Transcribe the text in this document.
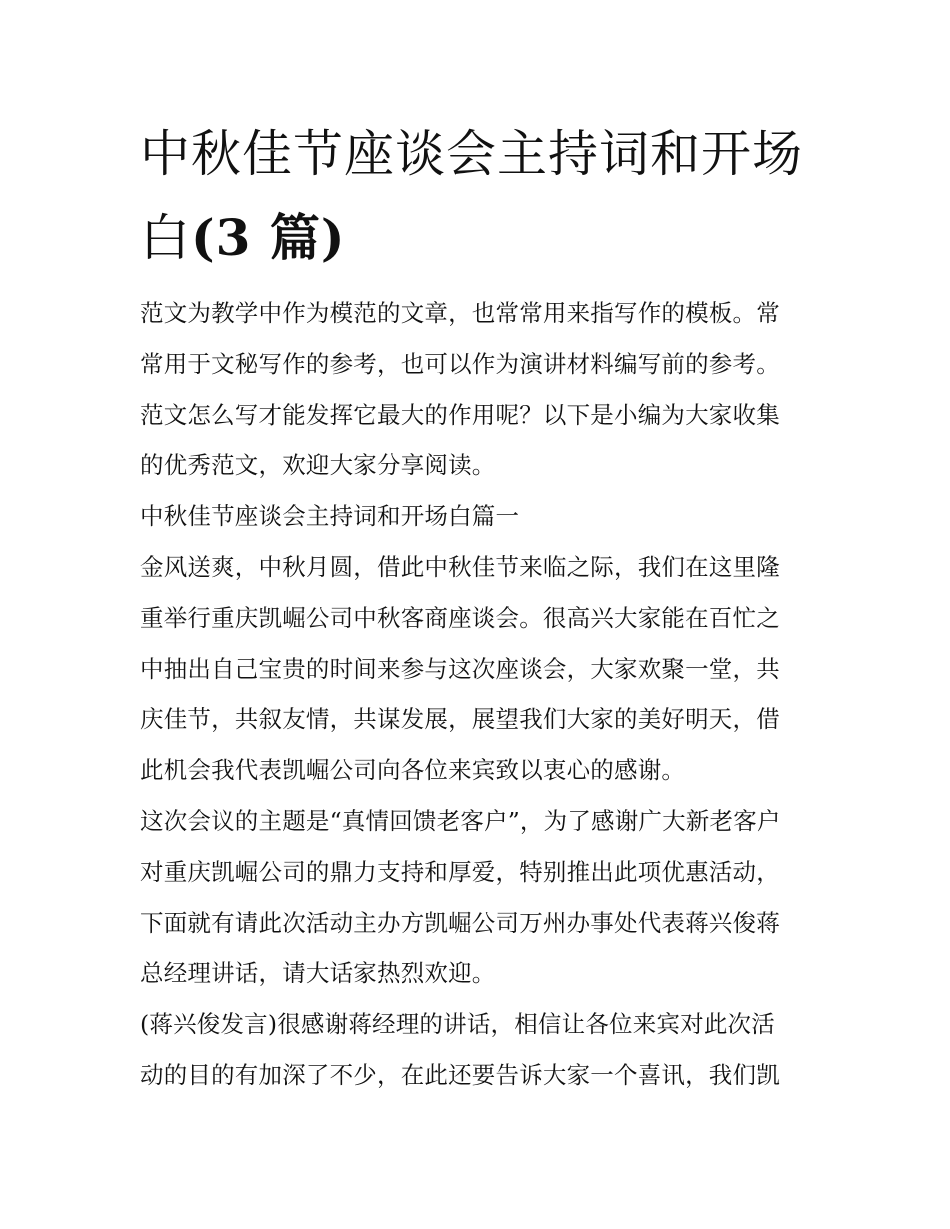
中秋佳节座谈会主持词和开场
白(3 篇)

范文为教学中作为模范的文章，也常常用来指写作的模板。常
常用于文秘写作的参考，也可以作为演讲材料编写前的参考。
范文怎么写才能发挥它最大的作用呢？以下是小编为大家收集
的优秀范文，欢迎大家分享阅读。

中秋佳节座谈会主持词和开场白篇一

金风送爽，中秋月圆，借此中秋佳节来临之际，我们在这里隆
重举行重庆凯崛公司中秋客商座谈会。很高兴大家能在百忙之
中抽出自己宝贵的时间来参与这次座谈会，大家欢聚一堂，共
庆佳节，共叙友情，共谋发展，展望我们大家的美好明天，借
此机会我代表凯崛公司向各位来宾致以衷心的感谢。

这次会议的主题是“真情回馈老客户”，为了感谢广大新老客户
对重庆凯崛公司的鼎力支持和厚爱，特别推出此项优惠活动，
下面就有请此次活动主办方凯崛公司万州办事处代表蒋兴俊蒋
总经理讲话，请大话家热烈欢迎。

(蒋兴俊发言)很感谢蒋经理的讲话，相信让各位来宾对此次活
动的目的有加深了不少，在此还要告诉大家一个喜讯，我们凯
